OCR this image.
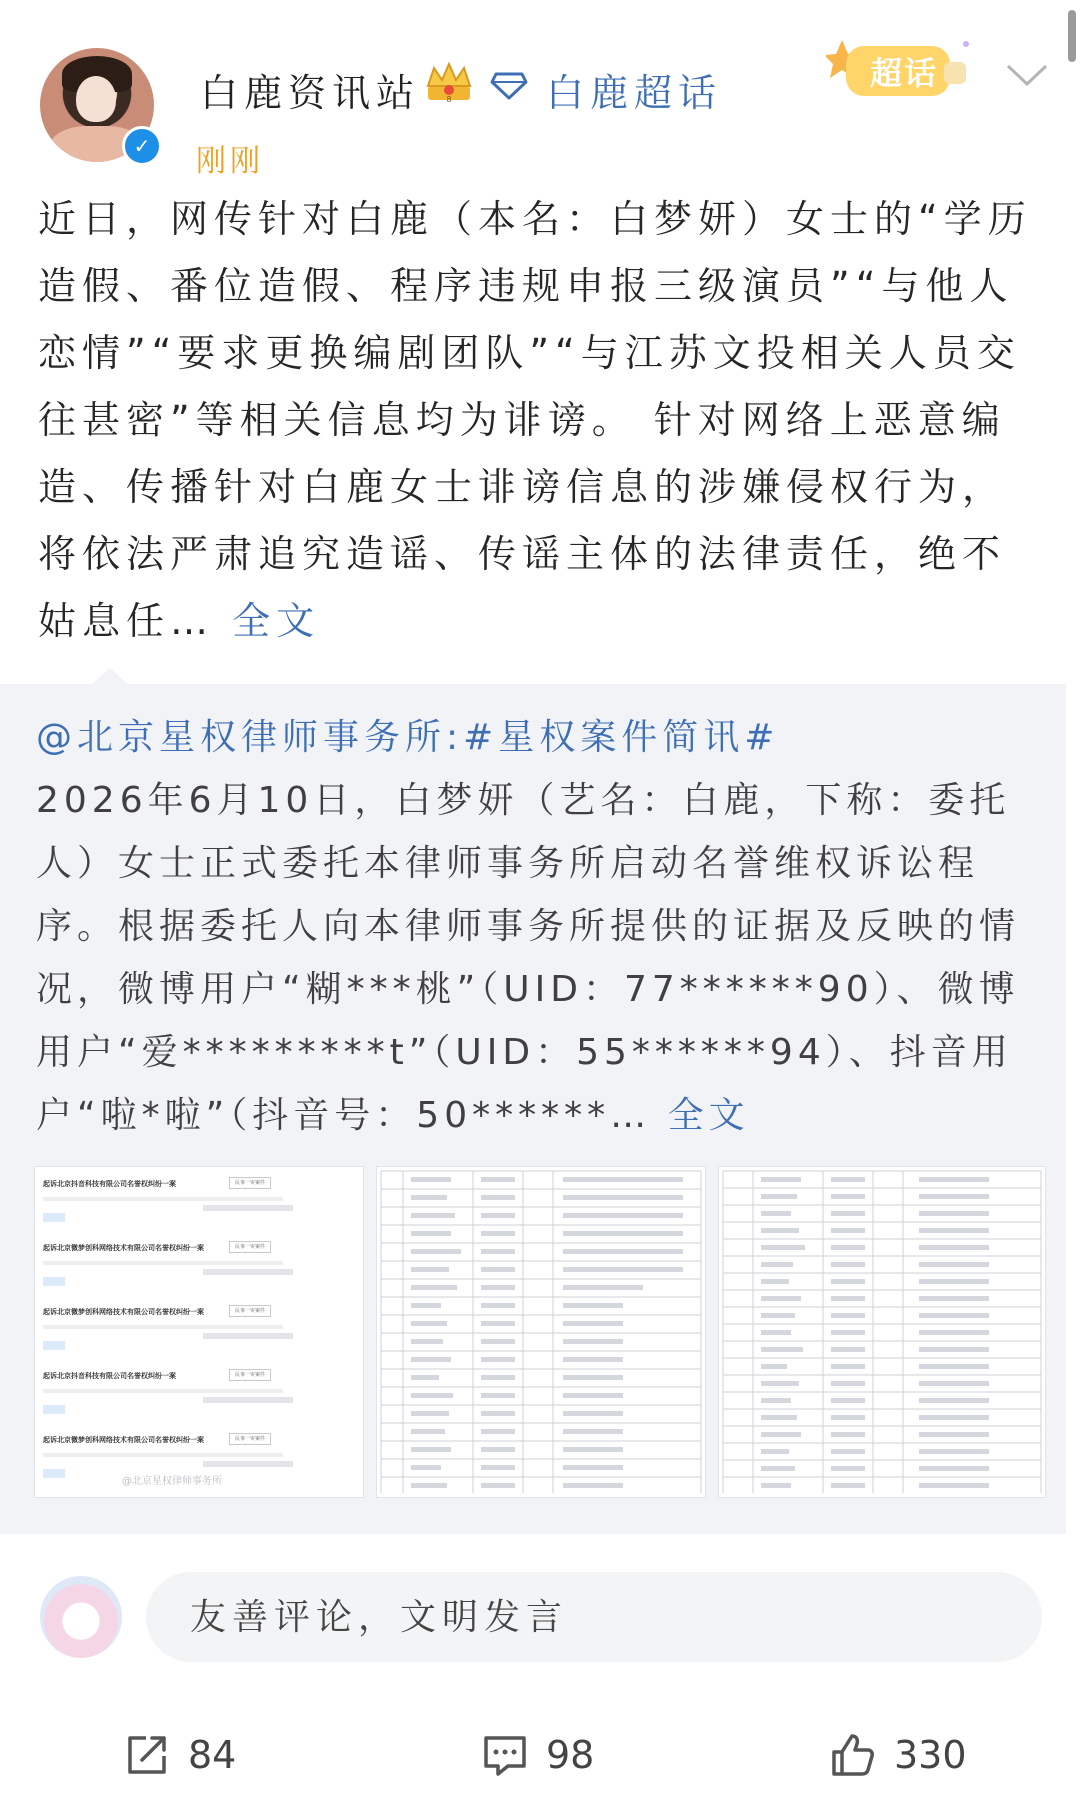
✓
白鹿资讯站	8 白鹿超话
刚刚
超话
近日，网传针对白鹿（本名：白梦妍）女士的“学历造假、番位造假、程序违规申报三级演员”“与他人恋情”“要求更换编剧团队”“与江苏文投相关人员交往甚密”等相关信息均为诽谤。 针对网络上恶意编造、传播针对白鹿女士诽谤信息的涉嫌侵权行为，将依法严肃追究造谣、传谣主体的法律责任，绝不姑息任… 全文
@北京星权律师事务所:#星权案件简讯#
2026年6月10日，白梦妍（艺名：白鹿，下称：委托人）女士正式委托本律师事务所启动名誉维权诉讼程序。根据委托人向本律师事务所提供的证据及反映的情况，微博用户“糊***桃”（UID：77******90）、微博用户“爱*********t”（UID：55******94）、抖音用户“啦*啦”（抖音号：50******… 全文
起诉北京抖音科技有限公司名誉权纠纷一案	民事一审案件
起诉北京微梦创科网络技术有限公司名誉权纠纷一案	民事一审案件
起诉北京微梦创科网络技术有限公司名誉权纠纷一案	民事一审案件
起诉北京抖音科技有限公司名誉权纠纷一案	民事一审案件
起诉北京微梦创科网络技术有限公司名誉权纠纷一案	民事一审案件
@北京星权律师事务所
友善评论，文明发言
84	98	330
